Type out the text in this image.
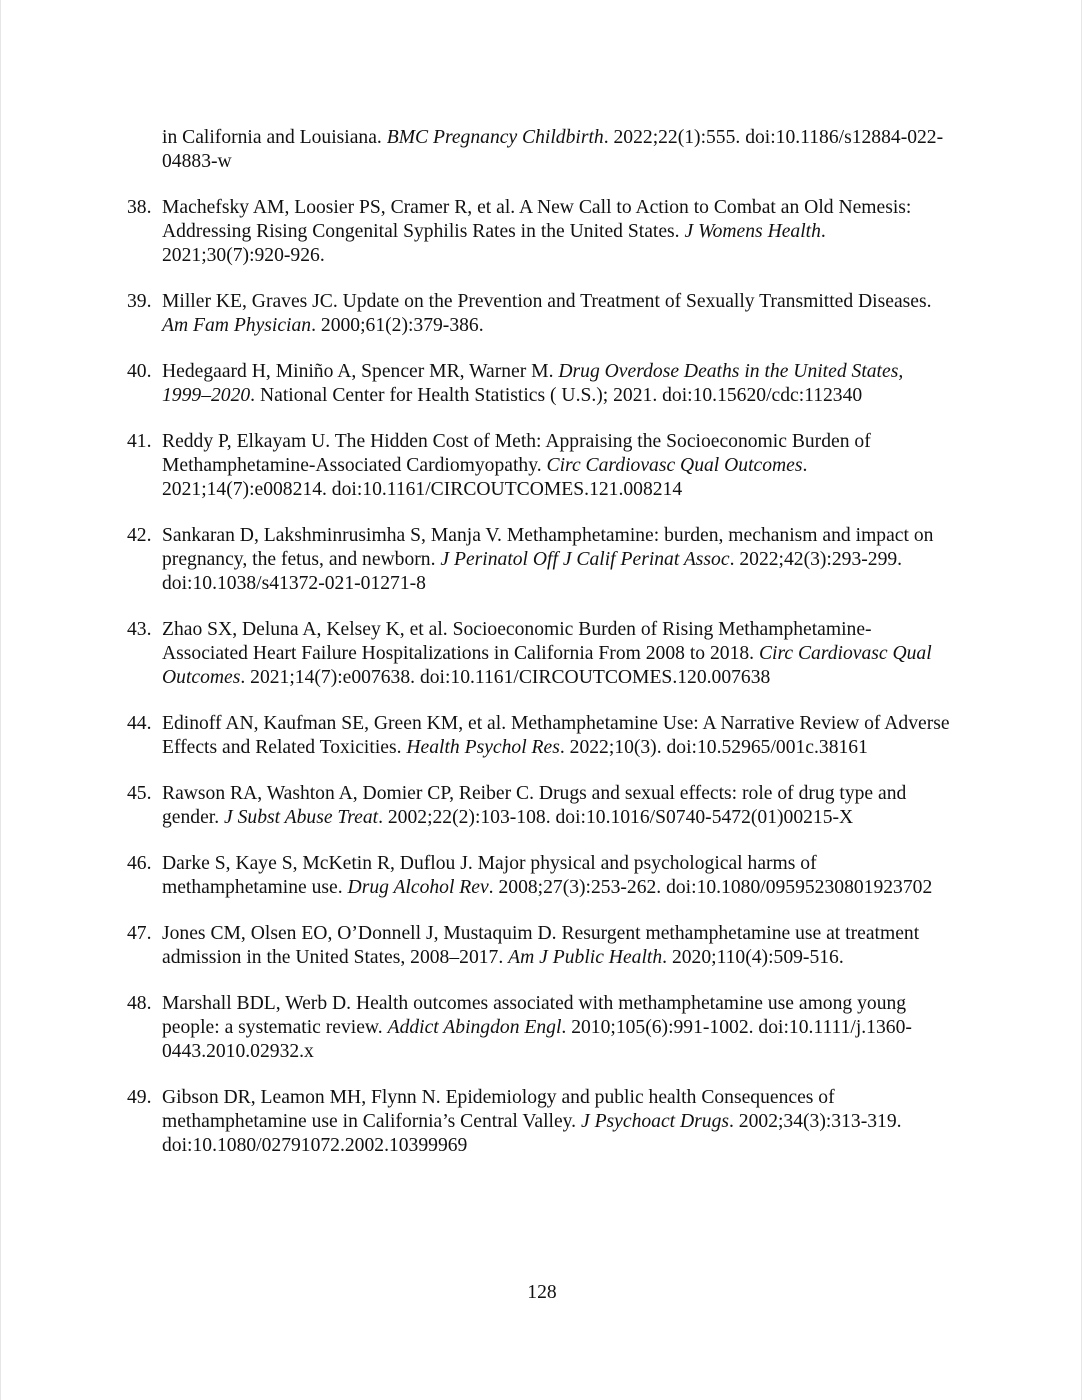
in California and Louisiana. BMC Pregnancy Childbirth. 2022;22(1):555. doi:10.1186/s12884-022-04883-w
38. Machefsky AM, Loosier PS, Cramer R, et al. A New Call to Action to Combat an Old Nemesis: Addressing Rising Congenital Syphilis Rates in the United States. J Womens Health. 2021;30(7):920-926.
39. Miller KE, Graves JC. Update on the Prevention and Treatment of Sexually Transmitted Diseases. Am Fam Physician. 2000;61(2):379-386.
40. Hedegaard H, Miniño A, Spencer MR, Warner M. Drug Overdose Deaths in the United States, 1999–2020. National Center for Health Statistics ( U.S.); 2021. doi:10.15620/cdc:112340
41. Reddy P, Elkayam U. The Hidden Cost of Meth: Appraising the Socioeconomic Burden of Methamphetamine-Associated Cardiomyopathy. Circ Cardiovasc Qual Outcomes. 2021;14(7):e008214. doi:10.1161/CIRCOUTCOMES.121.008214
42. Sankaran D, Lakshminrusimha S, Manja V. Methamphetamine: burden, mechanism and impact on pregnancy, the fetus, and newborn. J Perinatol Off J Calif Perinat Assoc. 2022;42(3):293-299. doi:10.1038/s41372-021-01271-8
43. Zhao SX, Deluna A, Kelsey K, et al. Socioeconomic Burden of Rising Methamphetamine-Associated Heart Failure Hospitalizations in California From 2008 to 2018. Circ Cardiovasc Qual Outcomes. 2021;14(7):e007638. doi:10.1161/CIRCOUTCOMES.120.007638
44. Edinoff AN, Kaufman SE, Green KM, et al. Methamphetamine Use: A Narrative Review of Adverse Effects and Related Toxicities. Health Psychol Res. 2022;10(3). doi:10.52965/001c.38161
45. Rawson RA, Washton A, Domier CP, Reiber C. Drugs and sexual effects: role of drug type and gender. J Subst Abuse Treat. 2002;22(2):103-108. doi:10.1016/S0740-5472(01)00215-X
46. Darke S, Kaye S, McKetin R, Duflou J. Major physical and psychological harms of methamphetamine use. Drug Alcohol Rev. 2008;27(3):253-262. doi:10.1080/09595230801923702
47. Jones CM, Olsen EO, O’Donnell J, Mustaquim D. Resurgent methamphetamine use at treatment admission in the United States, 2008–2017. Am J Public Health. 2020;110(4):509-516.
48. Marshall BDL, Werb D. Health outcomes associated with methamphetamine use among young people: a systematic review. Addict Abingdon Engl. 2010;105(6):991-1002. doi:10.1111/j.1360-0443.2010.02932.x
49. Gibson DR, Leamon MH, Flynn N. Epidemiology and public health Consequences of methamphetamine use in California’s Central Valley. J Psychoact Drugs. 2002;34(3):313-319. doi:10.1080/02791072.2002.10399969
128
